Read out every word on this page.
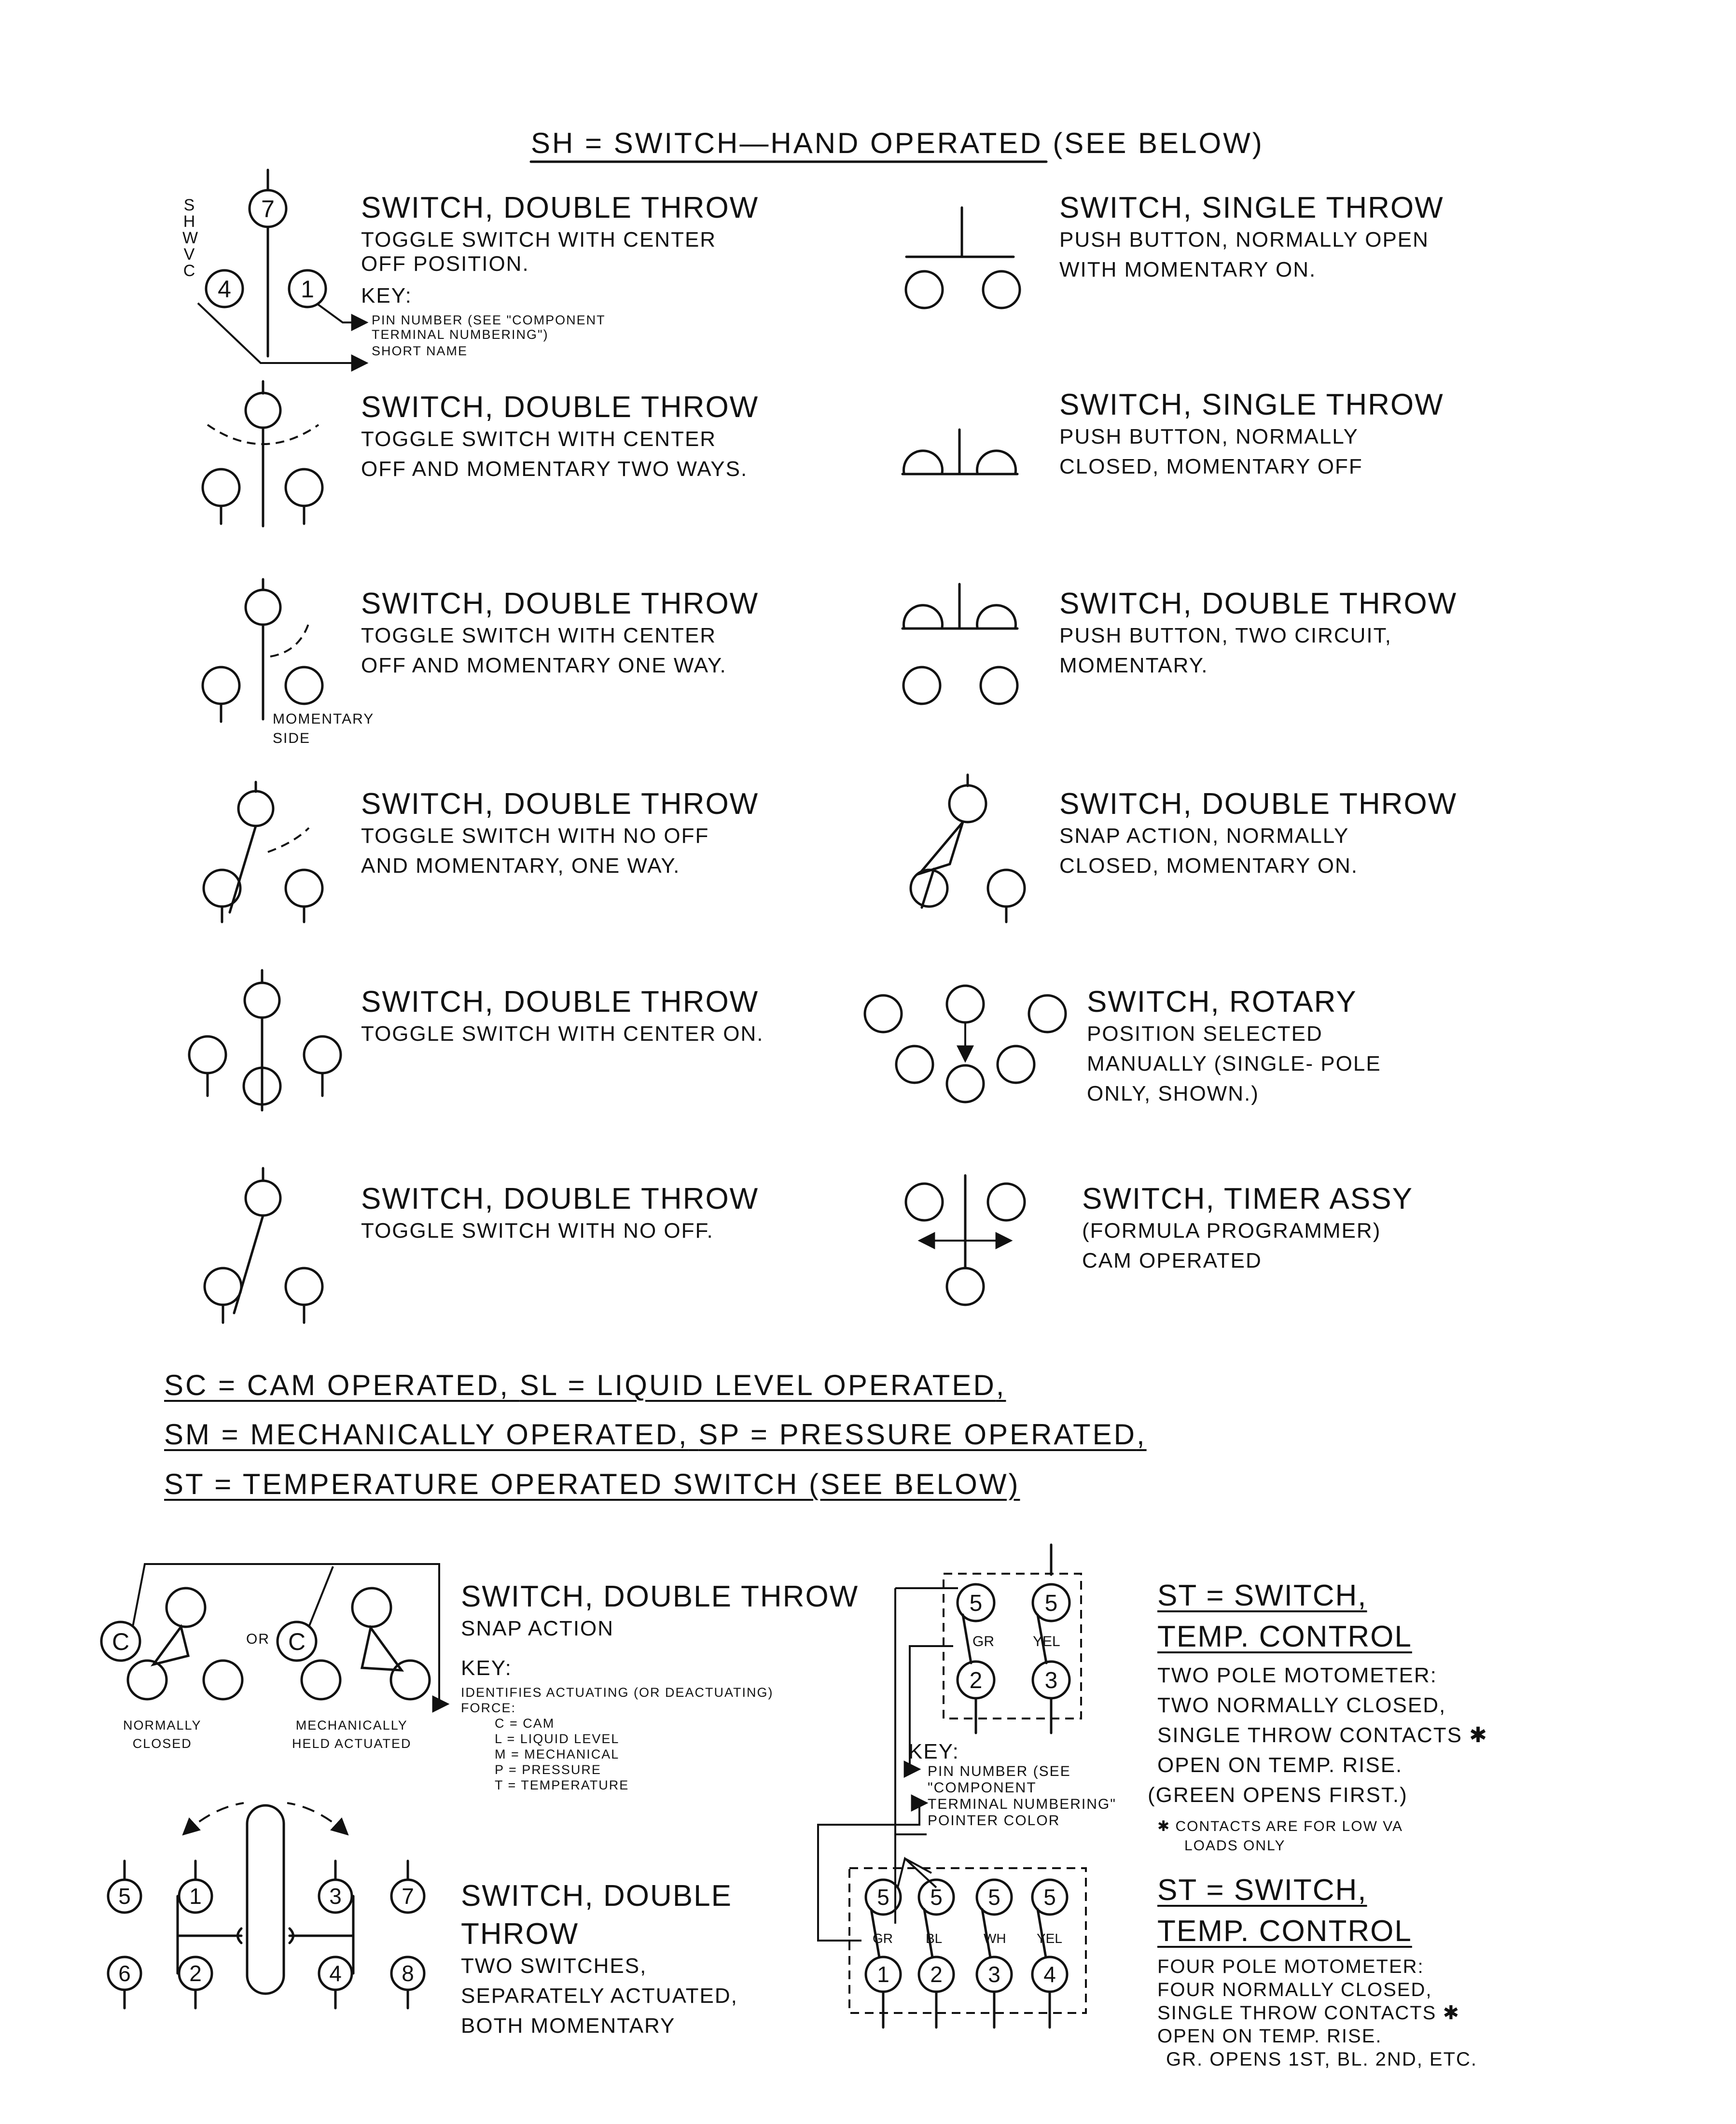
7
4	1
C	C
5	1	3	7
6	2	4	8
GR	YEL
5	5
2	3
GR BL	WH YEL
5 5 5 5
1 2 3 4
SH = SWITCH—HAND OPERATED (SEE BELOW)
SHWVC
SWITCH, DOUBLE THROW
TOGGLE SWITCH WITH CENTER
OFF POSITION.
KEY:
PIN NUMBER (SEE "COMPONENT
TERMINAL NUMBERING")
SHORT NAME
SWITCH, SINGLE THROW
PUSH BUTTON, NORMALLY OPEN
WITH MOMENTARY ON.
SWITCH, DOUBLE THROW
TOGGLE SWITCH WITH CENTER
OFF AND MOMENTARY TWO WAYS.
SWITCH, SINGLE THROW
PUSH BUTTON, NORMALLY
CLOSED, MOMENTARY OFF
SWITCH, DOUBLE THROW
TOGGLE SWITCH WITH CENTER
OFF AND MOMENTARY ONE WAY.
MOMENTARY
SIDE
SWITCH, DOUBLE THROW
PUSH BUTTON, TWO CIRCUIT,
MOMENTARY.
SWITCH, DOUBLE THROW
TOGGLE SWITCH WITH NO OFF
AND MOMENTARY, ONE WAY.
SWITCH, DOUBLE THROW
SNAP ACTION, NORMALLY
CLOSED, MOMENTARY ON.
SWITCH, DOUBLE THROW
TOGGLE SWITCH WITH CENTER ON.
SWITCH, ROTARY
POSITION SELECTED
MANUALLY (SINGLE- POLE
ONLY, SHOWN.)
SWITCH, DOUBLE THROW
TOGGLE SWITCH WITH NO OFF.
SWITCH, TIMER ASSY
(FORMULA PROGRAMMER)
CAM OPERATED
SC = CAM OPERATED, SL = LIQUID LEVEL OPERATED,
SM = MECHANICALLY OPERATED, SP = PRESSURE OPERATED,
ST = TEMPERATURE OPERATED SWITCH (SEE BELOW)
OR
NORMALLY
CLOSED
MECHANICALLY
HELD ACTUATED
SWITCH, DOUBLE THROW
SNAP ACTION
KEY:
IDENTIFIES ACTUATING (OR DEACTUATING)
FORCE:
C = CAM
L = LIQUID LEVEL
M = MECHANICAL
P = PRESSURE
T = TEMPERATURE
SWITCH, DOUBLE
THROW
TWO SWITCHES,
SEPARATELY ACTUATED,
BOTH MOMENTARY
KEY:
PIN NUMBER (SEE
"COMPONENT
TERMINAL NUMBERING"
POINTER COLOR
ST = SWITCH,
TEMP. CONTROL
TWO POLE MOTOMETER:
TWO NORMALLY CLOSED,
SINGLE THROW CONTACTS ✱
OPEN ON TEMP. RISE.
(GREEN OPENS FIRST.)
✱ CONTACTS ARE FOR LOW VA
LOADS ONLY
ST = SWITCH,
TEMP. CONTROL
FOUR POLE MOTOMETER:
FOUR NORMALLY CLOSED,
SINGLE THROW CONTACTS ✱
OPEN ON TEMP. RISE.
GR. OPENS 1ST, BL. 2ND, ETC.
